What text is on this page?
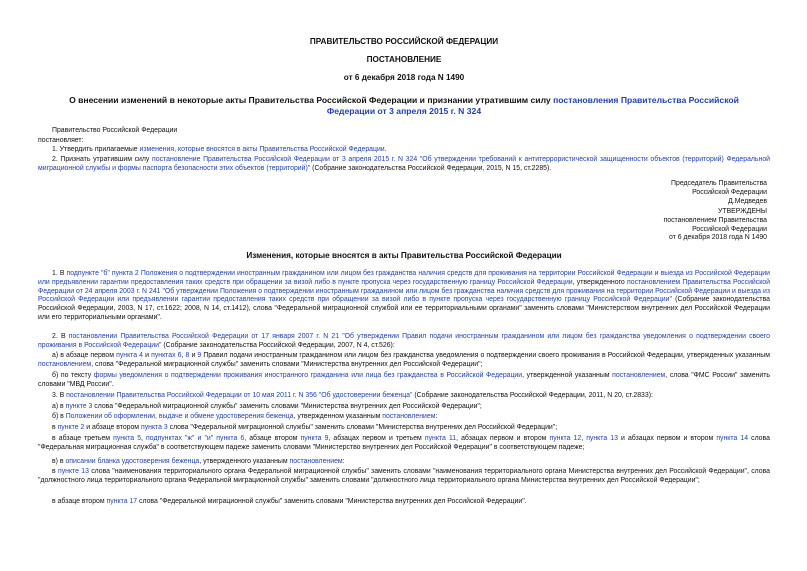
ПРАВИТЕЛЬСТВО РОССИЙСКОЙ ФЕДЕРАЦИИ

ПОСТАНОВЛЕНИЕ

от 6 декабря 2018 года N 1490

О внесении изменений в некоторые акты Правительства Российской Федерации и признании утратившим силу постановления Правительства Российской Федерации от 3 апреля 2015 г. N 324

Правительство Российской Федерации

постановляет:

1. Утвердить прилагаемые изменения, которые вносятся в акты Правительства Российской Федерации.

2. Признать утратившим силу постановление Правительства Российской Федерации от 3 апреля 2015 г. N 324 "Об утверждении требований к антитеррористической защищенности объектов (территорий) Федеральной миграционной службы и формы паспорта безопасности этих объектов (территорий)" (Собрание законодательства Российской Федерации, 2015, N 15, ст.2285).

Председатель Правительства
Российской Федерации
Д.Медведев
УТВЕРЖДЕНЫ
постановлением Правительства
Российской Федерации
от 6 декабря 2018 года N 1490

Изменения, которые вносятся в акты Правительства Российской Федерации

1. В подпункте "б" пункта 2 Положения о подтверждении иностранным гражданином или лицом без гражданства наличия средств для проживания на территории Российской Федерации и выезда из Российской Федерации или предъявлении гарантии предоставления таких средств при обращении за визой либо в пункте пропуска через государственную границу Российской Федерации, утвержденного постановлением Правительства Российской Федерации от 24 апреля 2003 г. N 241 "Об утверждении Положения о подтверждении иностранным гражданином или лицом без гражданства наличия средств для проживания на территории Российской Федерации и выезда из Российской Федерации или предъявлении гарантии предоставления таких средств при обращении за визой либо в пункте пропуска через государственную границу Российской Федерации" (Собрание законодательства Российской Федерации, 2003, N 17, ст.1622; 2008, N 14, ст.1412), слова "Федеральной миграционной службой или ее территориальными органами" заменить словами "Министерством внутренних дел Российской Федерации или его территориальными органами".

2. В постановлении Правительства Российской Федерации от 17 января 2007 г. N 21 "Об утверждении Правил подачи иностранным гражданином или лицом без гражданства уведомления о подтверждении своего проживания в Российской Федерации" (Собрание законодательства Российской Федерации, 2007, N 4, ст.526):

а) в абзаце первом пункта 4 и пунктах 6, 8 и 9 Правил подачи иностранным гражданином или лицом без гражданства уведомления о подтверждении своего проживания в Российской Федерации, утвержденных указанным постановлением, слова "Федеральной миграционной службы" заменить словами "Министерства внутренних дел Российской Федерации";

б) по тексту формы уведомления о подтверждении проживания иностранного гражданина или лица без гражданства в Российской Федерации, утвержденной указанным постановлением, слова "ФМС России" заменить словами "МВД России".

3. В постановлении Правительства Российской Федерации от 10 мая 2011 г. N 356 "Об удостоверении беженца" (Собрание законодательства Российской Федерации, 2011, N 20, ст.2833):

а) в пункте 3 слова "Федеральной миграционной службы" заменить словами "Министерства внутренних дел Российской Федерации";

б) в Положении об оформлении, выдаче и обмене удостоверения беженца, утвержденном указанным постановлением:

в пункте 2 и абзаце втором пункта 3 слова "Федеральной миграционной службы" заменить словами "Министерства внутренних дел Российской Федерации";

в абзаце третьем пункта 5, подпунктах "ж" и "и" пункта 6, абзаце втором пункта 9, абзацах первом и третьем пункта 11, абзацах первом и втором пункта 12, пункта 13 и абзацах первом и втором пункта 14 слова "Федеральная миграционная служба" в соответствующем падеже заменить словами "Министерство внутренних дел Российской Федерации" в соответствующем падеже;

в) в описании бланка удостоверения беженца, утвержденного указанным постановлением:

в пункте 13 слова "наименования территориального органа Федеральной миграционной службы" заменить словами "наименования территориального органа Министерства внутренних дел Российской Федерации", слова "должностного лица территориального органа Федеральной миграционной службы" заменить словами "должностного лица территориального органа Министерства внутренних дел Российской Федерации";

в абзаце втором пункта 17 слова "Федеральной миграционной службы" заменить словами "Министерства внутренних дел Российской Федерации".
